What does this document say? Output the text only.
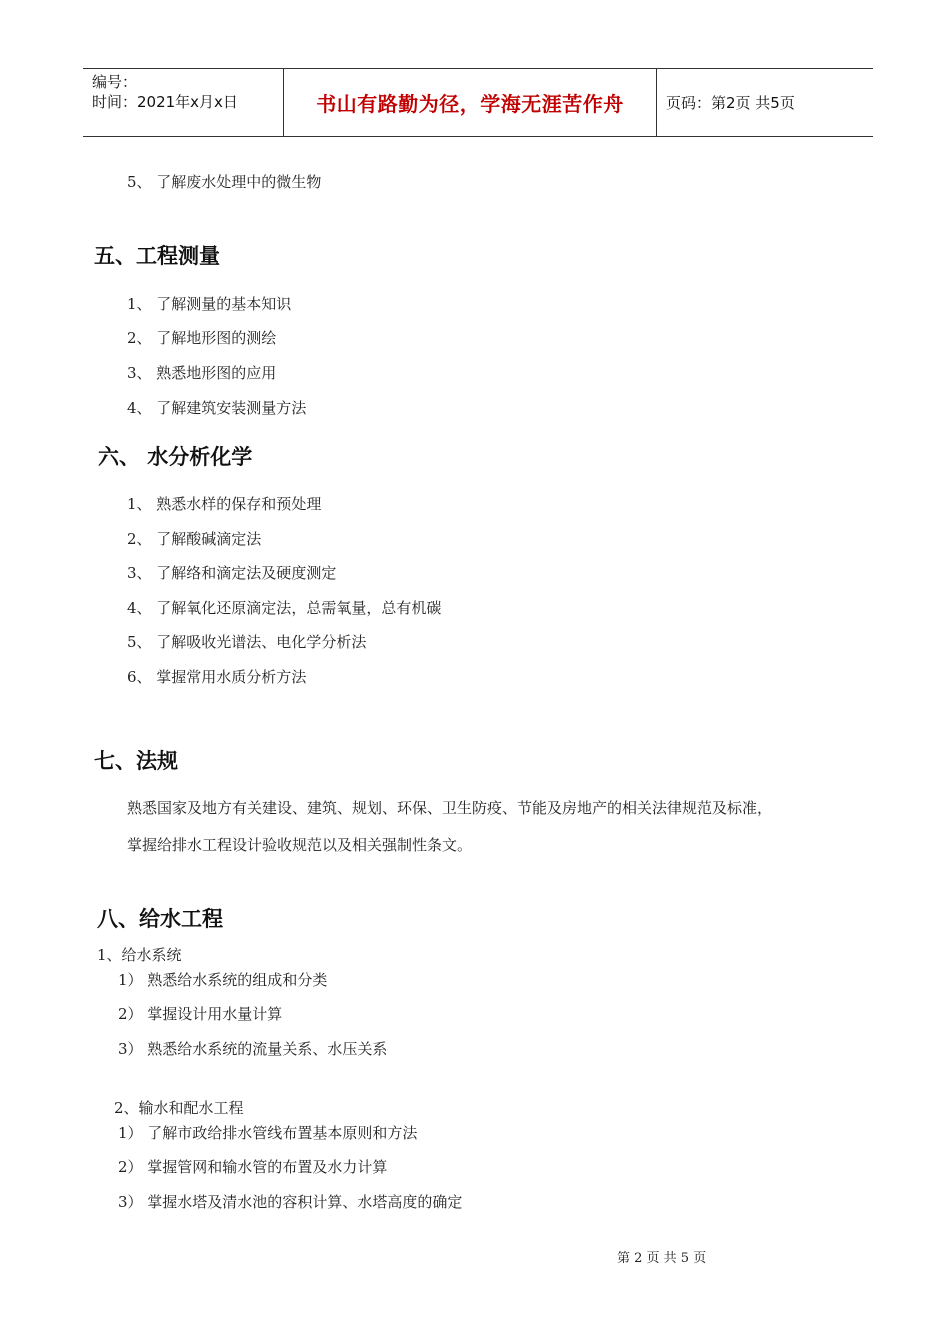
编号：
时间：2021年x月x日	书山有路勤为径，学海无涯苦作舟	页码：第2页 共5页
5、 了解废水处理中的微生物
五、工程测量
1、 了解测量的基本知识
2、 了解地形图的测绘
3、 熟悉地形图的应用
4、 了解建筑安装测量方法
六、 水分析化学
1、 熟悉水样的保存和预处理
2、 了解酸碱滴定法
3、 了解络和滴定法及硬度测定
4、 了解氧化还原滴定法，总需氧量，总有机碳
5、 了解吸收光谱法、电化学分析法
6、 掌握常用水质分析方法
七、法规
熟悉国家及地方有关建设、建筑、规划、环保、卫生防疫、节能及房地产的相关法律规范及标准，
掌握给排水工程设计验收规范以及相关强制性条文。
八、给水工程
1、给水系统
1） 熟悉给水系统的组成和分类
2） 掌握设计用水量计算
3） 熟悉给水系统的流量关系、水压关系
2、输水和配水工程
1） 了解市政给排水管线布置基本原则和方法
2） 掌握管网和输水管的布置及水力计算
3） 掌握水塔及清水池的容积计算、水塔高度的确定
第 2 页 共 5 页
